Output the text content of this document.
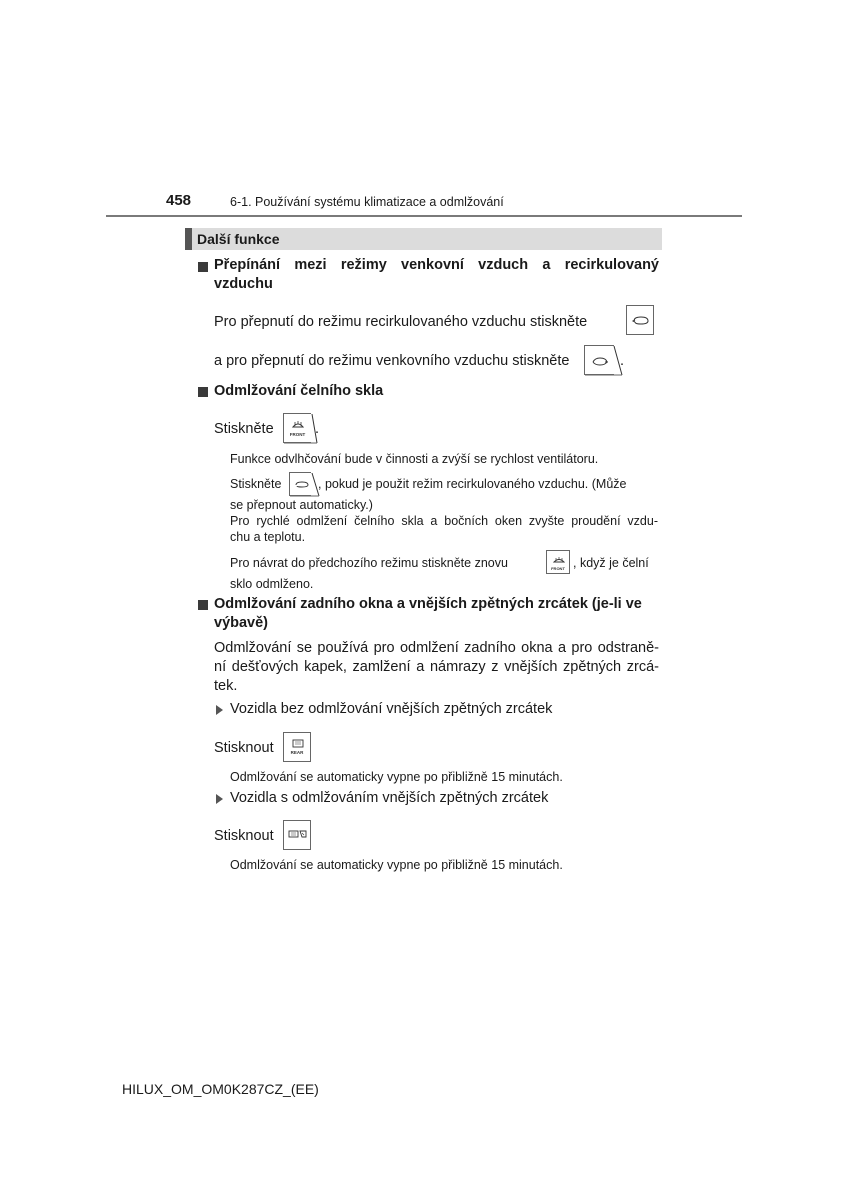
458	6-1. Používání systému klimatizace a odmlžování
Další funkce
Přepínání mezi režimy venkovní vzduch a recirkulovaný
vzduchu
Pro přepnutí do režimu recirkulovaného vzduchu stiskněte
a pro přepnutí do režimu venkovního vzduchu stiskněte	.
Odmlžování čelního skla
Stiskněte	FRONT .
Funkce odvlhčování bude v činnosti a zvýší se rychlost ventilátoru.
Stiskněte	, pokud je použit režim recirkulovaného vzduchu. (Může
se přepnout automaticky.)
Pro rychlé odmlžení čelního skla a bočních oken zvyšte proudění vzdu-
chu a teplotu.
Pro návrat do předchozího režimu stiskněte znovu	FRONT , když je čelní
sklo odmlženo.
Odmlžování zadního okna a vnějších zpětných zrcátek (je-li ve
výbavě)
Odmlžování se používá pro odmlžení zadního okna a pro odstraně-
ní dešťových kapek, zamlžení a námrazy z vnějších zpětných zrcá-
tek.
Vozidla bez odmlžování vnějších zpětných zrcátek
Stisknout	REAR
Odmlžování se automaticky vypne po přibližně 15 minutách.
Vozidla s odmlžováním vnějších zpětných zrcátek
Stisknout
Odmlžování se automaticky vypne po přibližně 15 minutách.
HILUX_OM_OM0K287CZ_(EE)
